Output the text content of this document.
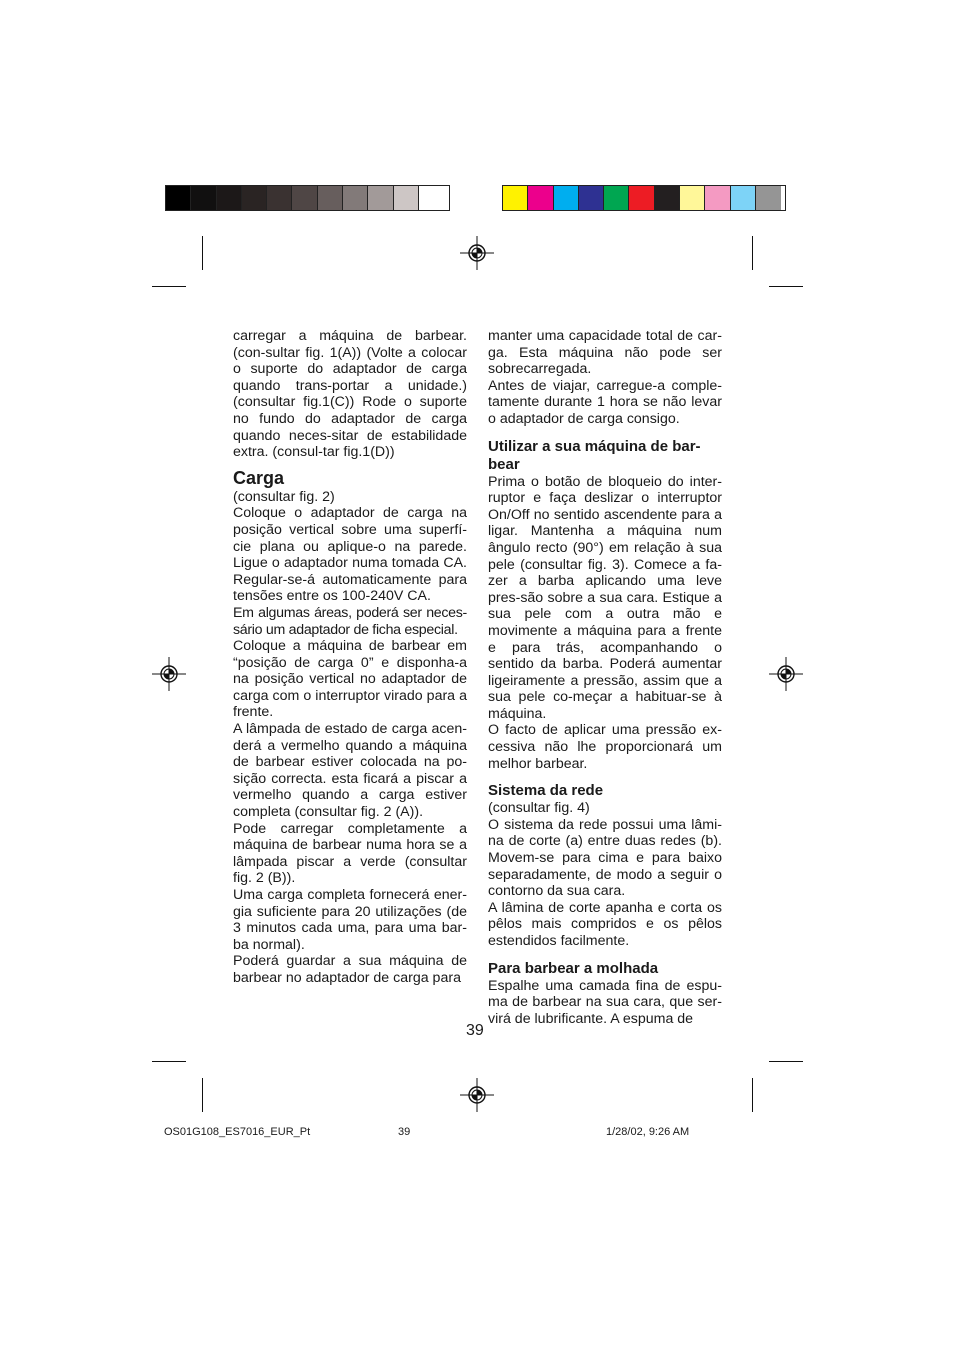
carregar a máquina de barbear. (con-sultar fig. 1(A)) (Volte a colocar o suporte do adaptador de carga quando trans-portar a unidade.) (consultar fig.1(C)) Rode o suporte no fundo do adaptador de carga quando neces-sitar de estabilidade extra. (consul-tar fig.1(D))

Carga

(consultar fig. 2)

Coloque o adaptador de carga na posição vertical sobre uma superfí-cie plana ou aplique-o na parede. Ligue o adaptador numa tomada CA. Regular-se-á automaticamente para tensões entre os 100-240V CA.

Em algumas áreas, poderá ser neces-sário um adaptador de ficha especial.

Coloque a máquina de barbear em “posição de carga 0” e disponha-a na posição vertical no adaptador de carga com o interruptor virado para a frente.

A lâmpada de estado de carga acen-derá a vermelho quando a máquina de barbear estiver colocada na po-sição correcta. esta ficará a piscar a vermelho quando a carga estiver completa (consultar fig. 2 (A)).

Pode carregar completamente a máquina de barbear numa hora se a lâmpada piscar a verde (consultar fig. 2 (B)).

Uma carga completa fornecerá ener-gia suficiente para 20 utilizações (de 3 minutos cada uma, para uma bar-ba normal).

Poderá guardar a sua máquina de barbear no adaptador de carga para

manter uma capacidade total de car-ga. Esta máquina não pode ser sobrecarregada.

Antes de viajar, carregue-a comple-tamente durante 1 hora se não levar o adaptador de carga consigo.

Utilizar a sua máquina de bar-bear

Prima o botão de bloqueio do inter-ruptor e faça deslizar o interruptor On/Off no sentido ascendente para a ligar. Mantenha a máquina num ângulo recto (90°) em relação à sua pele (consultar fig. 3). Comece a fa-zer a barba aplicando uma leve pres-são sobre a sua cara. Estique a sua pele com a outra mão e movimente a máquina para a frente e para trás, acompanhando o sentido da barba. Poderá aumentar ligeiramente a pressão, assim que a sua pele co-meçar a habituar-se à máquina.

O facto de aplicar uma pressão ex-cessiva não lhe proporcionará um melhor barbear.

Sistema da rede

(consultar fig. 4)

O sistema da rede possui uma lâmi-na de corte (a) entre duas redes (b). Movem-se para cima e para baixo separadamente, de modo a seguir o contorno da sua cara.

A lâmina de corte apanha e corta os pêlos mais compridos e os pêlos estendidos facilmente.

Para barbear a molhada

Espalhe uma camada fina de espu-ma de barbear na sua cara, que ser-virá de lubrificante. A espuma de

39
OS01G108_ES7016_EUR_Pt	39	1/28/02, 9:26 AM
